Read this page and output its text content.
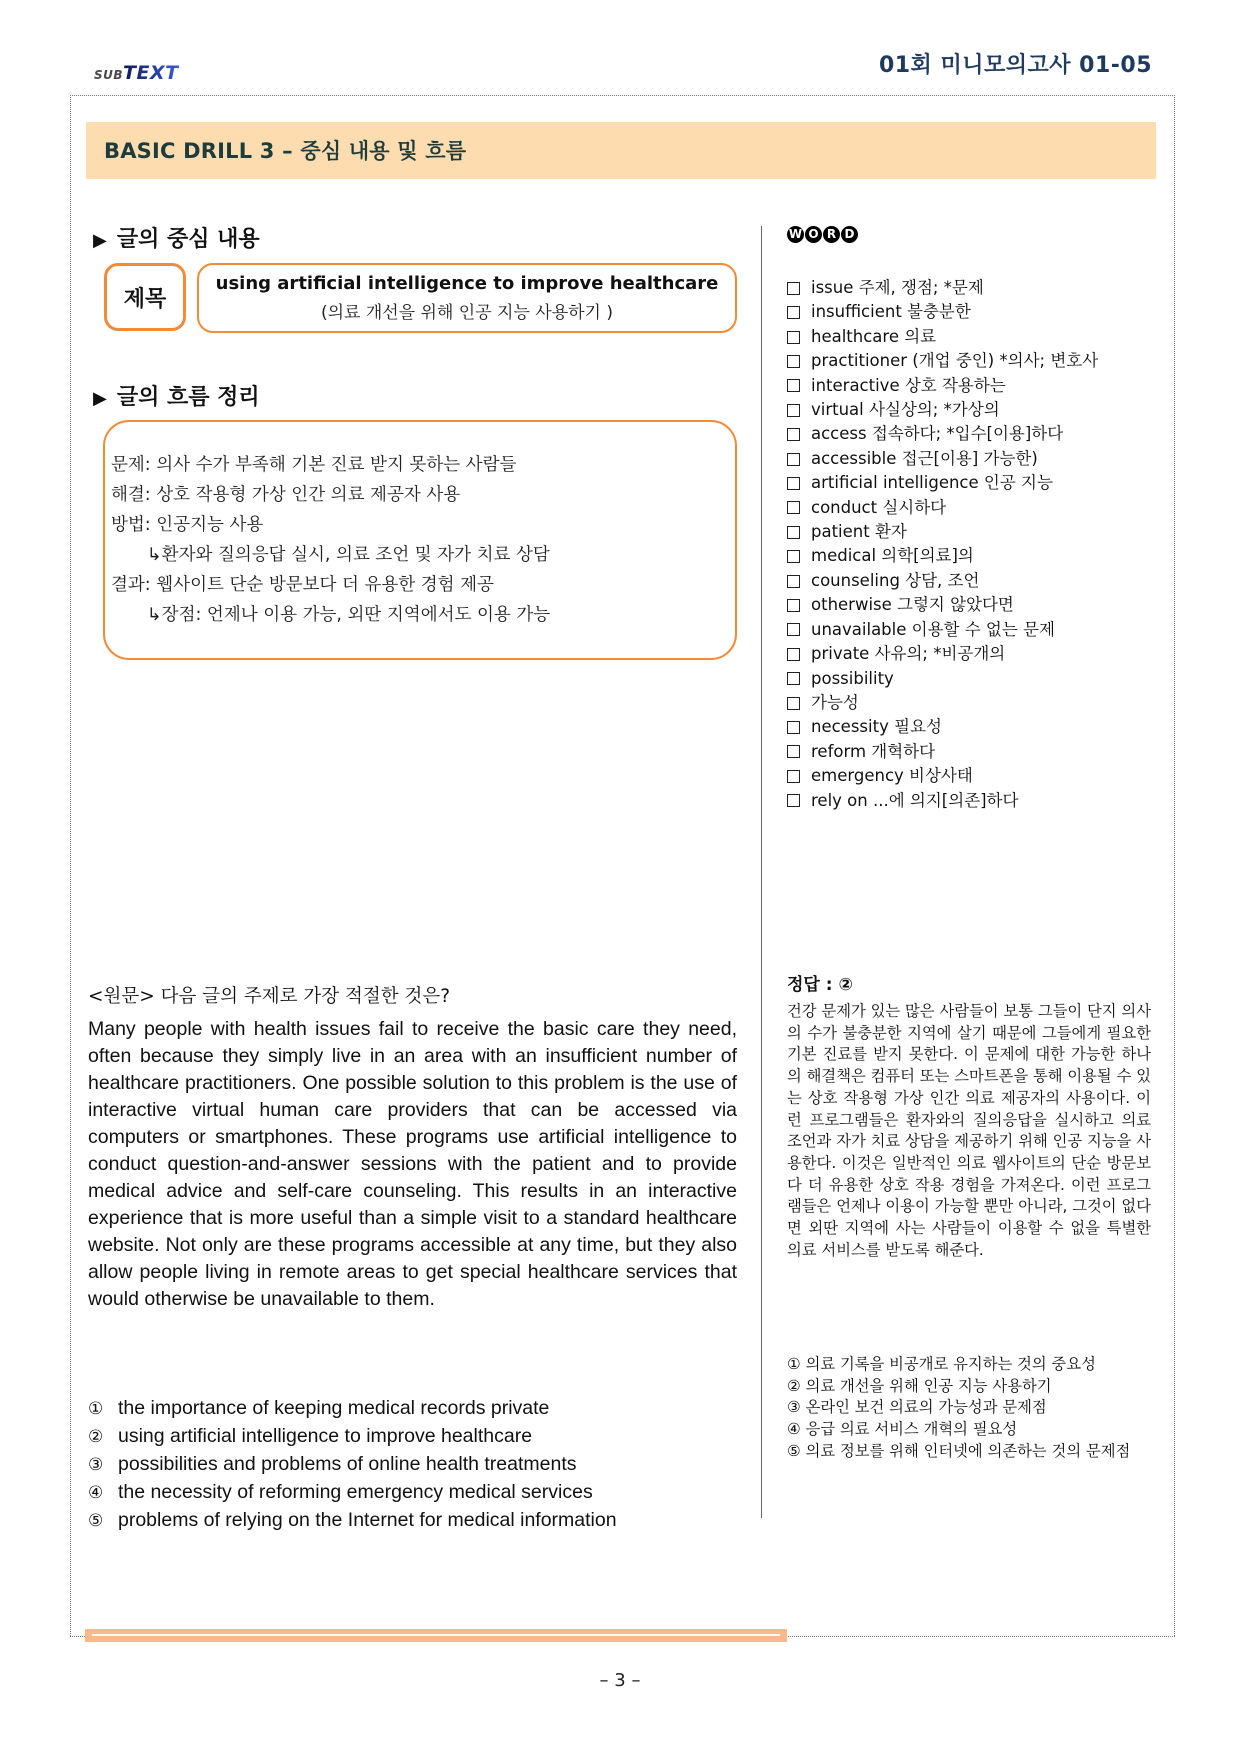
SUBTEXT	01회 미니모의고사 01-05
BASIC DRILL 3 – 중심 내용 및 흐름
▶ 글의 중심 내용
제목
using artificial intelligence to improve healthcare
(의료 개선을 위해 인공 지능 사용하기 )
▶ 글의 흐름 정리
문제: 의사 수가 부족해 기본 진료 받지 못하는 사람들
해결: 상호 작용형 가상 인간 의료 제공자 사용
방법: 인공지능 사용
↳환자와 질의응답 실시, 의료 조언 및 자가 치료 상담
결과: 웹사이트 단순 방문보다 더 유용한 경험 제공
↳장점: 언제나 이용 가능, 외딴 지역에서도 이용 가능
W O R D
issue 주제, 쟁점; *문제
insufficient 불충분한
healthcare 의료
practitioner (개업 중인) *의사; 변호사
interactive 상호 작용하는
virtual 사실상의; *가상의
access 접속하다; *입수[이용]하다
accessible 접근[이용] 가능한)
artificial intelligence 인공 지능
conduct 실시하다
patient 환자
medical 의학[의료]의
counseling 상담, 조언
otherwise 그렇지 않았다면
unavailable 이용할 수 없는 문제
private 사유의; *비공개의
possibility
가능성
necessity 필요성
reform 개혁하다
emergency 비상사태
rely on ...에 의지[의존]하다
<원문> 다음 글의 주제로 가장 적절한 것은?
Many people with health issues fail to receive the basic care they need, often because they simply live in an area with an insufficient number of healthcare practitioners. One possible solution to this problem is the use of interactive virtual human care providers that can be accessed via computers or smartphones. These programs use artificial intelligence to conduct question-and-answer sessions with the patient and to provide medical advice and self-care counseling. This results in an interactive experience that is more useful than a simple visit to a standard healthcare website. Not only are these programs accessible at any time, but they also allow people living in remote areas to get special healthcare services that would otherwise be unavailable to them.
① the importance of keeping medical records private
② using artificial intelligence to improve healthcare
③ possibilities and problems of online health treatments
④ the necessity of reforming emergency medical services
⑤ problems of relying on the Internet for medical information
정답 : ②
건강 문제가 있는 많은 사람들이 보통 그들이 단지 의사의 수가 불충분한 지역에 살기 때문에 그들에게 필요한 기본 진료를 받지 못한다. 이 문제에 대한 가능한 하나의 해결책은 컴퓨터 또는 스마트폰을 통해 이용될 수 있는 상호 작용형 가상 인간 의료 제공자의 사용이다. 이런 프로그램들은 환자와의 질의응답을 실시하고 의료 조언과 자가 치료 상담을 제공하기 위해 인공 지능을 사용한다. 이것은 일반적인 의료 웹사이트의 단순 방문보다 더 유용한 상호 작용 경험을 가져온다. 이런 프로그램들은 언제나 이용이 가능할 뿐만 아니라, 그것이 없다면 외딴 지역에 사는 사람들이 이용할 수 없을 특별한 의료 서비스를 받도록 해준다.
① 의료 기록을 비공개로 유지하는 것의 중요성
② 의료 개선을 위해 인공 지능 사용하기
③ 온라인 보건 의료의 가능성과 문제점
④ 응급 의료 서비스 개혁의 필요성
⑤ 의료 정보를 위해 인터넷에 의존하는 것의 문제점
– 3 –
